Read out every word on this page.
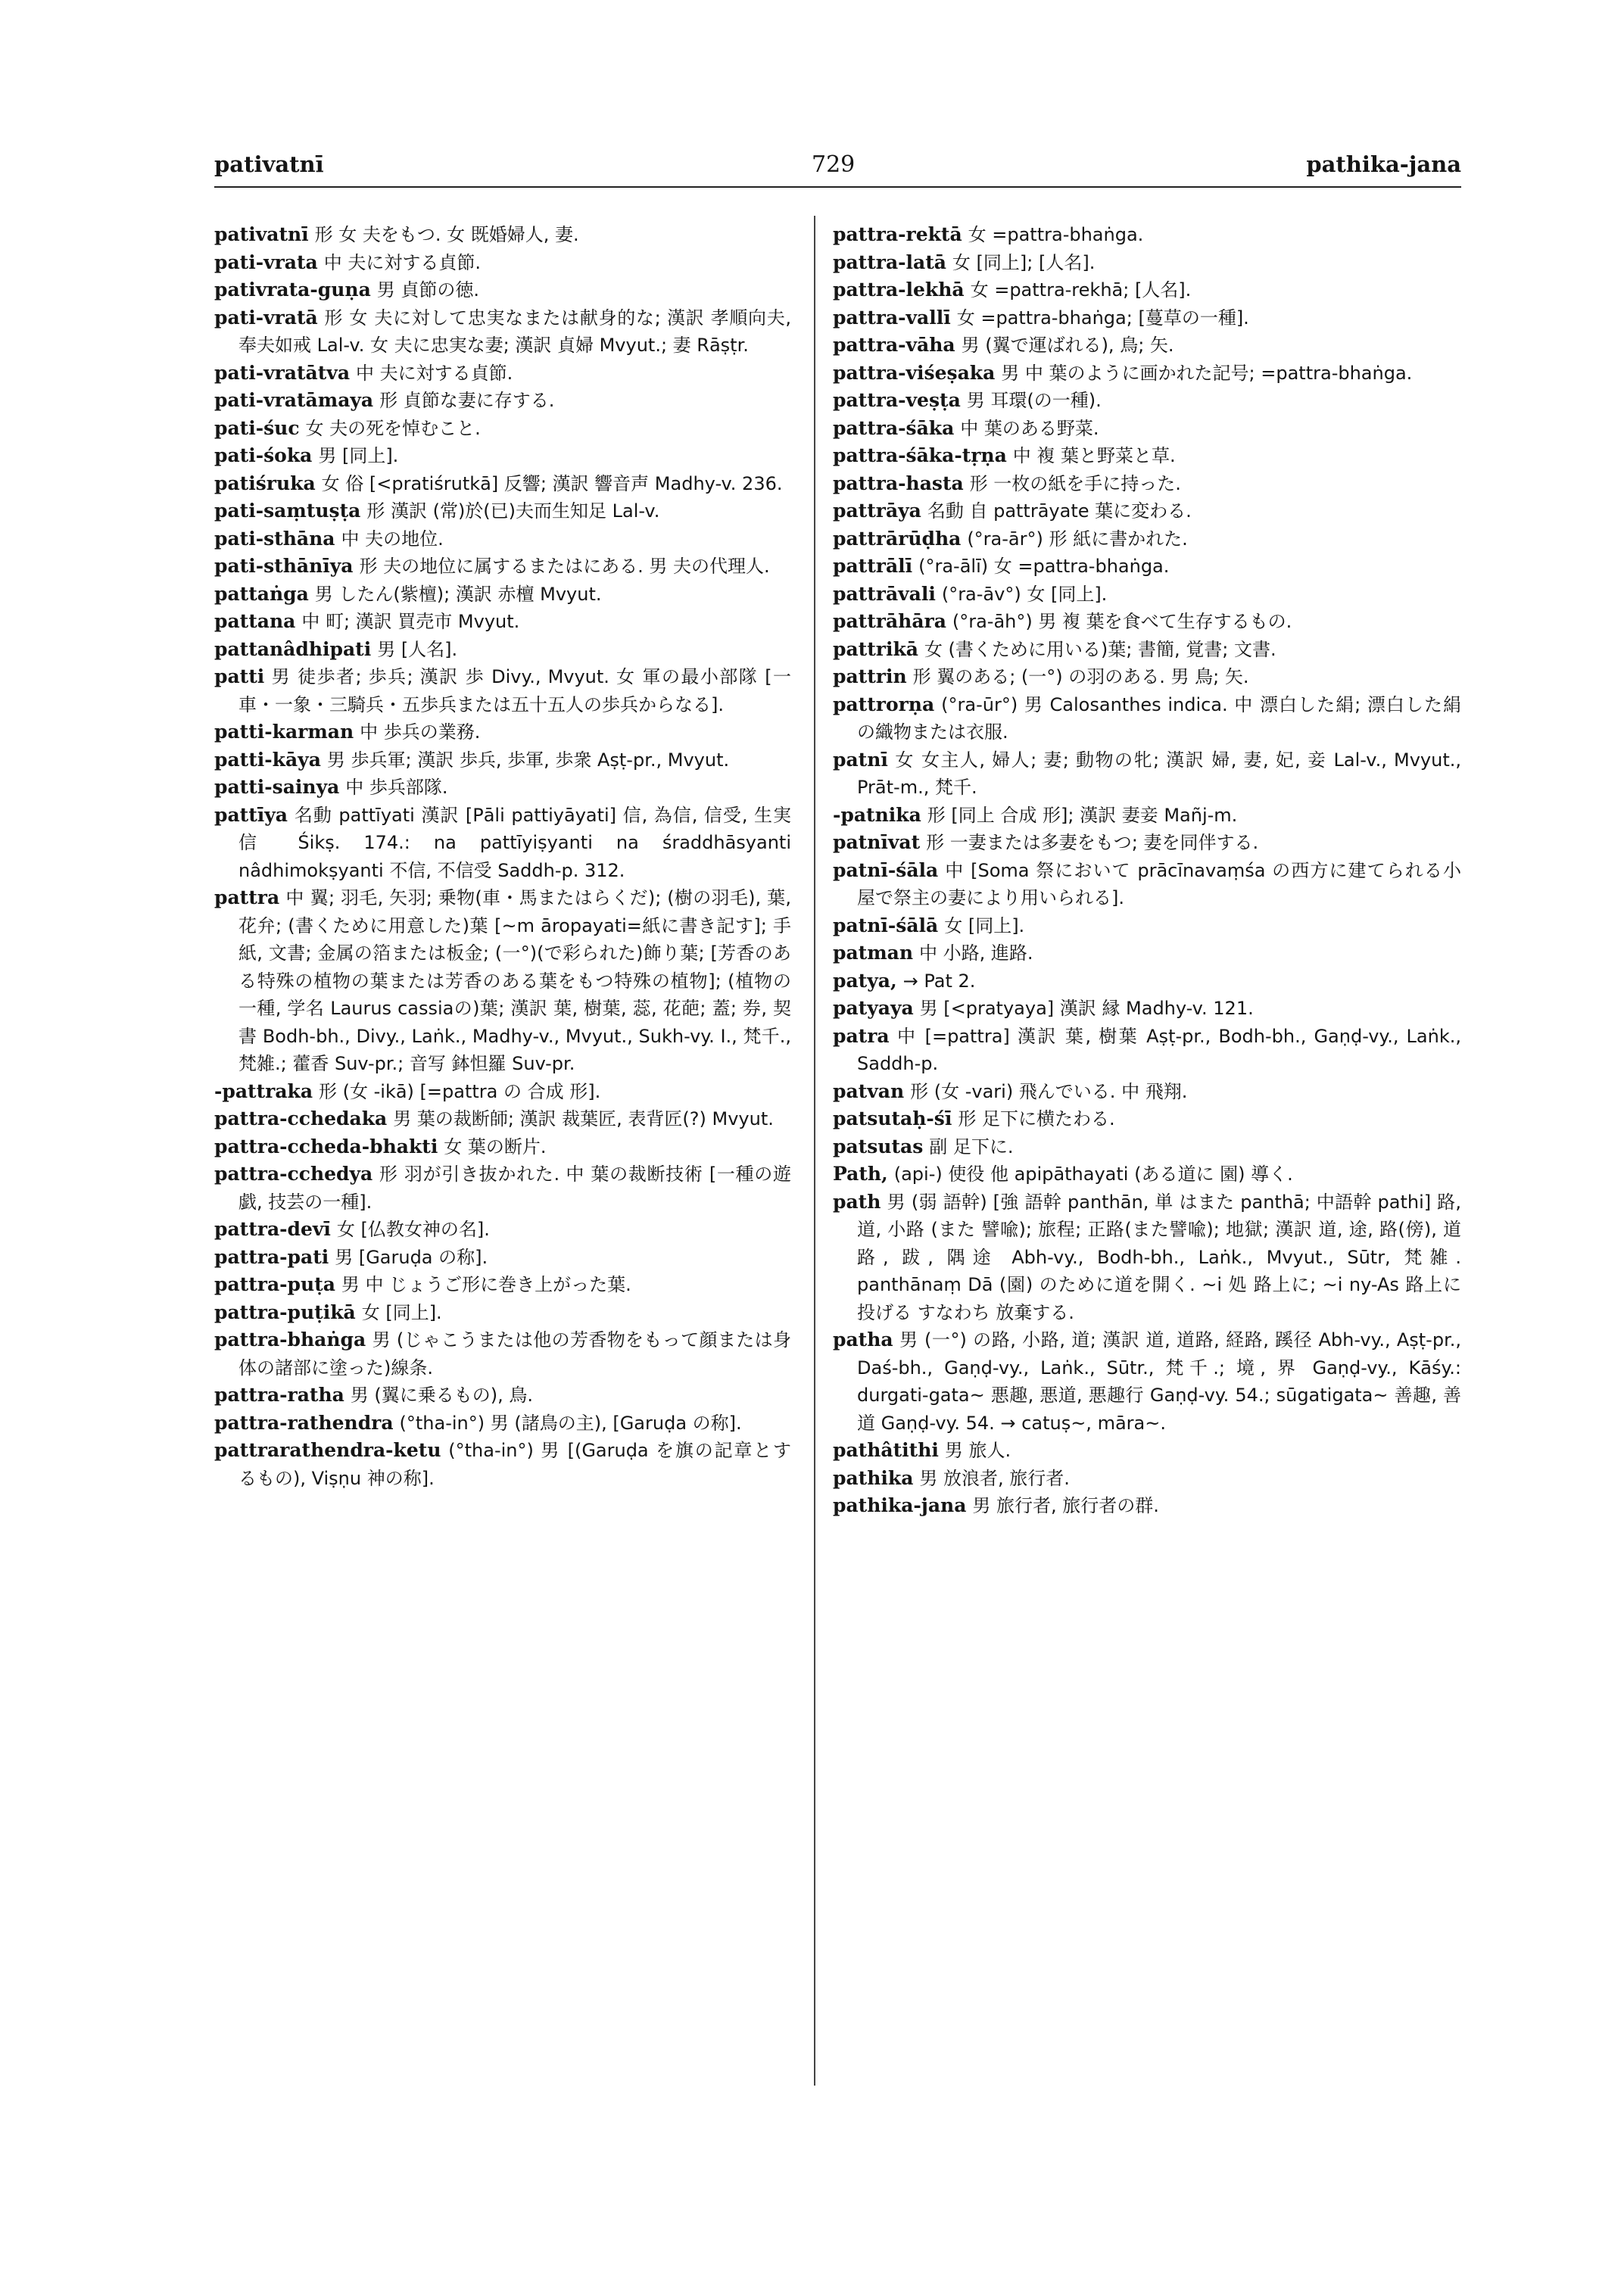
pativatnī	729	pathika-jana
pativatnī 形 女 夫をもつ. 女 既婚婦人, 妻.
pati-vrata 中 夫に対する貞節.
pativrata-guṇa 男 貞節の徳.
pati-vratā 形 女 夫に対して忠実なまたは献身的な; 漢訳 孝順向夫, 奉夫如戒 Lal-v. 女 夫に忠実な妻; 漢訳 貞婦 Mvyut.; 妻 Rāṣṭr.
pati-vratātva 中 夫に対する貞節.
pati-vratāmaya 形 貞節な妻に存する.
pati-śuc 女 夫の死を悼むこと.
pati-śoka 男 [同上].
patiśruka 女 俗 [<pratiśrutkā] 反響; 漢訳 響音声 Madhy-v. 236.
pati-saṃtuṣṭa 形 漢訳 (常)於(已)夫而生知足 Lal-v.
pati-sthāna 中 夫の地位.
pati-sthānīya 形 夫の地位に属するまたはにある. 男 夫の代理人.
pattaṅga 男 したん(紫檀); 漢訳 赤檀 Mvyut.
pattana 中 町; 漢訳 買売市 Mvyut.
pattanâdhipati 男 [人名].
patti 男 徒歩者; 歩兵; 漢訳 歩 Divy., Mvyut. 女 軍の最小部隊 [一車・一象・三騎兵・五歩兵または五十五人の歩兵からなる].
patti-karman 中 歩兵の業務.
patti-kāya 男 歩兵軍; 漢訳 歩兵, 歩軍, 歩衆 Aṣṭ-pr., Mvyut.
patti-sainya 中 歩兵部隊.
pattīya 名動 pattīyati 漢訳 [Pāli pattiyāyati] 信, 為信, 信受, 生実信 Śikṣ. 174.: na pattīyiṣyanti na śraddhāsyanti nâdhimokṣyanti 不信, 不信受 Saddh-p. 312.
pattra 中 翼; 羽毛, 矢羽; 乗物(車・馬またはらくだ); (樹の羽毛), 葉, 花弁; (書くために用意した)葉 [~m āropayati=紙に書き記す]; 手紙, 文書; 金属の箔または板金; (一°)(で彩られた)飾り葉; [芳香のある特殊の植物の葉または芳香のある葉をもつ特殊の植物]; (植物の一種, 学名 Laurus cassiaの)葉; 漢訳 葉, 樹葉, 蕊, 花葩; 蓋; 券, 契書 Bodh-bh., Divy., Laṅk., Madhy-v., Mvyut., Sukh-vy. I., 梵千., 梵雑.; 藿香 Suv-pr.; 音写 鉢怛羅 Suv-pr.
-pattraka 形 (女 -ikā) [=pattra の 合成 形].
pattra-cchedaka 男 葉の裁断師; 漢訳 裁葉匠, 表背匠(?) Mvyut.
pattra-ccheda-bhakti 女 葉の断片.
pattra-cchedya 形 羽が引き抜かれた. 中 葉の裁断技術 [一種の遊戯, 技芸の一種].
pattra-devī 女 [仏教女神の名].
pattra-pati 男 [Garuḍa の称].
pattra-puṭa 男 中 じょうご形に巻き上がった葉.
pattra-puṭikā 女 [同上].
pattra-bhaṅga 男 (じゃこうまたは他の芳香物をもって顔または身体の諸部に塗った)線条.
pattra-ratha 男 (翼に乗るもの), 鳥.
pattra-rathendra (°tha-in°) 男 (諸鳥の主), [Garuḍa の称].
pattrarathendra-ketu (°tha-in°) 男 [(Garuḍa を旗の記章とするもの), Viṣṇu 神の称].
pattra-rektā 女 =pattra-bhaṅga.
pattra-latā 女 [同上]; [人名].
pattra-lekhā 女 =pattra-rekhā; [人名].
pattra-vallī 女 =pattra-bhaṅga; [蔓草の一種].
pattra-vāha 男 (翼で運ばれる), 鳥; 矢.
pattra-viśeṣaka 男 中 葉のように画かれた記号; =pattra-bhaṅga.
pattra-veṣṭa 男 耳環(の一種).
pattra-śāka 中 葉のある野菜.
pattra-śāka-tṛṇa 中 複 葉と野菜と草.
pattra-hasta 形 一枚の紙を手に持った.
pattrāya 名動 自 pattrāyate 葉に変わる.
pattrārūḍha (°ra-ār°) 形 紙に書かれた.
pattrālī (°ra-ālī) 女 =pattra-bhaṅga.
pattrāvali (°ra-āv°) 女 [同上].
pattrāhāra (°ra-āh°) 男 複 葉を食べて生存するもの.
pattrikā 女 (書くために用いる)葉; 書簡, 覚書; 文書.
pattrin 形 翼のある; (一°) の羽のある. 男 鳥; 矢.
pattrorṇa (°ra-ūr°) 男 Calosanthes indica. 中 漂白した絹; 漂白した絹の織物または衣服.
patnī 女 女主人, 婦人; 妻; 動物の牝; 漢訳 婦, 妻, 妃, 妾 Lal-v., Mvyut., Prāt-m., 梵千.
-patnika 形 [同上 合成 形]; 漢訳 妻妾 Mañj-m.
patnīvat 形 一妻または多妻をもつ; 妻を同伴する.
patnī-śāla 中 [Soma 祭において prācīnavaṃśa の西方に建てられる小屋で祭主の妻により用いられる].
patnī-śālā 女 [同上].
patman 中 小路, 進路.
patya, → Pat 2.
patyaya 男 [<pratyaya] 漢訳 縁 Madhy-v. 121.
patra 中 [=pattra] 漢訳 葉, 樹葉 Aṣṭ-pr., Bodh-bh., Gaṇḍ-vy., Laṅk., Saddh-p.
patvan 形 (女 -vari) 飛んでいる. 中 飛翔.
patsutaḥ-śī 形 足下に横たわる.
patsutas 副 足下に.
Path, (api-) 使役 他 apipāthayati (ある道に 園) 導く.
path 男 (弱 語幹) [強 語幹 panthān, 単 はまた panthā; 中語幹 pathi] 路, 道, 小路 (また 譬喩); 旅程; 正路(また譬喩); 地獄; 漢訳 道, 途, 路(傍), 道路, 跋, 隅途 Abh-vy., Bodh-bh., Laṅk., Mvyut., Sūtr, 梵雑. panthānaṃ Dā (園) のために道を開く. ~i 処 路上に; ~i ny-As 路上に投げる すなわち 放棄する.
patha 男 (一°) の路, 小路, 道; 漢訳 道, 道路, 経路, 蹊径 Abh-vy., Aṣṭ-pr., Daś-bh., Gaṇḍ-vy., Laṅk., Sūtr., 梵千.; 境, 界 Gaṇḍ-vy., Kāśy.: durgati-gata~ 悪趣, 悪道, 悪趣行 Gaṇḍ-vy. 54.; sūgatigata~ 善趣, 善道 Gaṇḍ-vy. 54. → catuṣ~, māra~.
pathâtithi 男 旅人.
pathika 男 放浪者, 旅行者.
pathika-jana 男 旅行者, 旅行者の群.
